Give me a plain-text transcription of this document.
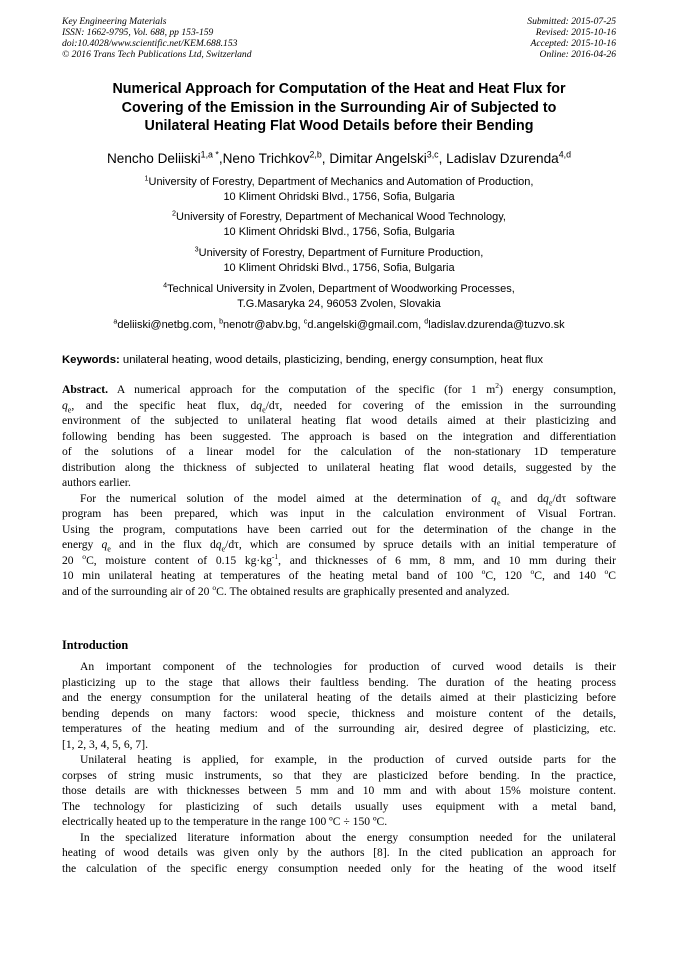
Key Engineering Materials
ISSN: 1662-9795, Vol. 688, pp 153-159
doi:10.4028/www.scientific.net/KEM.688.153
© 2016 Trans Tech Publications Ltd, Switzerland
Submitted: 2015-07-25
Revised: 2015-10-16
Accepted: 2015-10-16
Online: 2016-04-26
Numerical Approach for Computation of the Heat and Heat Flux for
Covering of the Emission in the Surrounding Air of Subjected to
Unilateral Heating Flat Wood Details before their Bending
Nencho Deliiski$^{1,a *}$,Neno Trichkov$^{2,b}$, Dimitar Angelski$^{3,c}$, Ladislav Dzurenda$^{4,d}$
$^1$University of Forestry, Department of Mechanics and Automation of Production,
10 Kliment Ohridski Blvd., 1756, Sofia, Bulgaria
$^2$University of Forestry, Department of Mechanical Wood Technology,
10 Kliment Ohridski Blvd., 1756, Sofia, Bulgaria
$^3$University of Forestry, Department of Furniture Production,
10 Kliment Ohridski Blvd., 1756, Sofia, Bulgaria
$^4$Technical University in Zvolen, Department of Woodworking Processes,
T.G.Masaryka 24, 96053 Zvolen, Slovakia
$^a$deliiski@netbg.com, $^b$nenotr@abv.bg, $^c$d.angelski@gmail.com, $^d$ladislav.dzurenda@tuzvo.sk
Keywords: unilateral heating, wood details, plasticizing, bending, energy consumption, heat flux
Abstract. A numerical approach for the computation of the specific (for 1 $m^2$) energy consumption,
$q_e$, and the specific heat flux, $dq_e/d\tau$, needed for covering of the emission in the surrounding
environment of the subjected to unilateral heating flat wood details aimed at their plasticizing and
following bending has been suggested. The approach is based on the integration and differentiation
of the solutions of a linear model for the calculation of the non-stationary 1D temperature
distribution along the thickness of subjected to unilateral heating flat wood details, suggested by the
authors earlier.
For the numerical solution of the model aimed at the determination of $q_e$ and $dq_e/d\tau$ software
program has been prepared, which was input in the calculation environment of Visual Fortran.
Using the program, computations have been carried out for the determination of the change in the
energy $q_e$ and in the flux $dq_e/d\tau$, which are consumed by spruce details with an initial temperature of
20 $^o$C, moisture content of 0.15 $kg\cdot kg^{-1}$, and thicknesses of 6 mm, 8 mm, and 10 mm during their
10 min unilateral heating at temperatures of the heating metal band of 100 $^o$C, 120 $^o$C, and 140 $^o$C
and of the surrounding air of 20 $^o$C. The obtained results are graphically presented and analyzed.
Introduction
An important component of the technologies for production of curved wood details is their
plasticizing up to the stage that allows their faultless bending. The duration of the heating process
and the energy consumption for the unilateral heating of the details aimed at their plasticizing before
bending depends on many factors: wood specie, thickness and moisture content of the details,
temperatures of the heating medium and of the surrounding air, desired degree of plasticizing, etc.
[1, 2, 3, 4, 5, 6, 7].
Unilateral heating is applied, for example, in the production of curved outside parts for the
corpses of string music instruments, so that they are plasticized before bending. In the practice,
those details are with thicknesses between 5 mm and 10 mm and with about 15% moisture content.
The technology for plasticizing of such details usually uses equipment with a metal band,
electrically heated up to the temperature in the range 100 ºC ÷ 150 ºC.
In the specialized literature information about the energy consumption needed for the unilateral
heating of wood details was given only by the authors [8]. In the cited publication an approach for
the calculation of the specific energy consumption needed only for the heating of the wood itself
